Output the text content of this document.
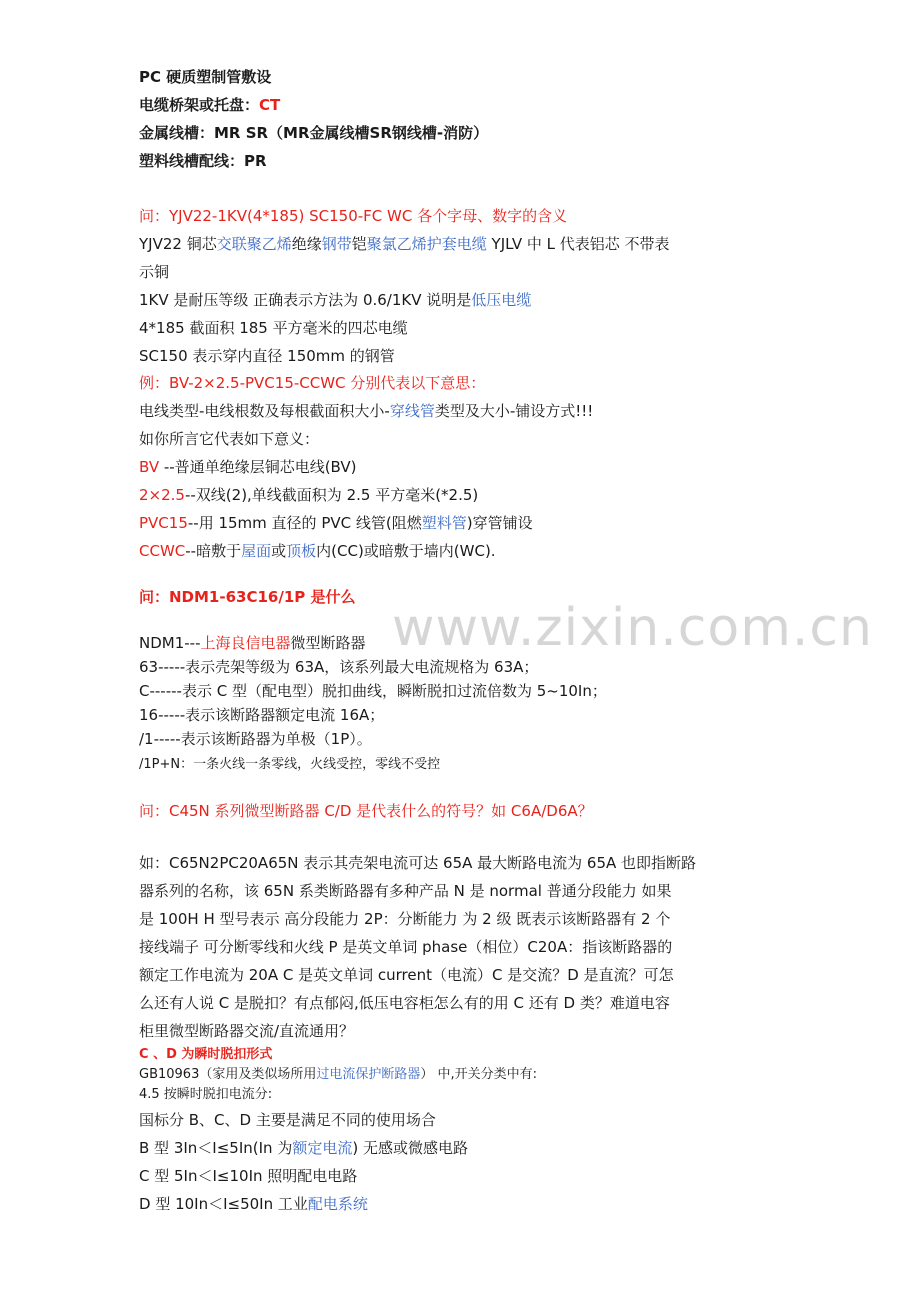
PC 硬质塑制管敷设
电缆桥架或托盘：CT
金属线槽：MR SR（MR金属线槽SR钢线槽-消防）
塑料线槽配线：PR
问：YJV22-1KV(4*185) SC150-FC WC 各个字母、数字的含义
YJV22 铜芯交联聚乙烯绝缘钢带铠聚氯乙烯护套电缆 YJLV 中 L 代表铝芯 不带表
示铜
1KV 是耐压等级 正确表示方法为 0.6/1KV 说明是低压电缆
4*185 截面积 185 平方毫米的四芯电缆
SC150 表示穿内直径 150mm 的钢管
例：BV-2×2.5-PVC15-CCWC 分别代表以下意思：
电线类型-电线根数及每根截面积大小-穿线管类型及大小-铺设方式!!!
如你所言它代表如下意义：
BV --普通单绝缘层铜芯电线(BV)
2×2.5--双线(2),单线截面积为 2.5 平方毫米(*2.5)
PVC15--用 15mm 直径的 PVC 线管(阻燃塑料管)穿管铺设
CCWC--暗敷于屋面或顶板内(CC)或暗敷于墙内(WC).
问：NDM1-63C16/1P 是什么
NDM1---上海良信电器微型断路器
63-----表示壳架等级为 63A，该系列最大电流规格为 63A；
C------表示 C 型（配电型）脱扣曲线，瞬断脱扣过流倍数为 5~10In；
16-----表示该断路器额定电流 16A；
/1-----表示该断路器为单极（1P）。
/1P+N：一条火线一条零线，火线受控，零线不受控
问：C45N 系列微型断路器 C/D 是代表什么的符号？如 C6A/D6A？
如：C65N2PC20A65N 表示其壳架电流可达 65A 最大断路电流为 65A 也即指断路
器系列的名称，该 65N 系类断路器有多种产品 N 是 normal 普通分段能力 如果
是 100H H 型号表示 高分段能力 2P：分断能力 为 2 级 既表示该断路器有 2 个
接线端子 可分断零线和火线 P 是英文单词 phase（相位）C20A：指该断路器的
额定工作电流为 20A C 是英文单词 current（电流）C 是交流？D 是直流？可怎
么还有人说 C 是脱扣？有点郁闷,低压电容柜怎么有的用 C 还有 D 类？难道电容
柜里微型断路器交流/直流通用？
C 、D 为瞬时脱扣形式
GB10963（家用及类似场所用过电流保护断路器） 中,开关分类中有:
4.5 按瞬时脱扣电流分:
国标分 B、C、D 主要是满足不同的使用场合
B 型 3In＜I≤5In(In 为额定电流) 无感或微感电路
C 型 5In＜I≤10In 照明配电电路
D 型 10In＜I≤50In 工业配电系统
www.zixin.com.cn
